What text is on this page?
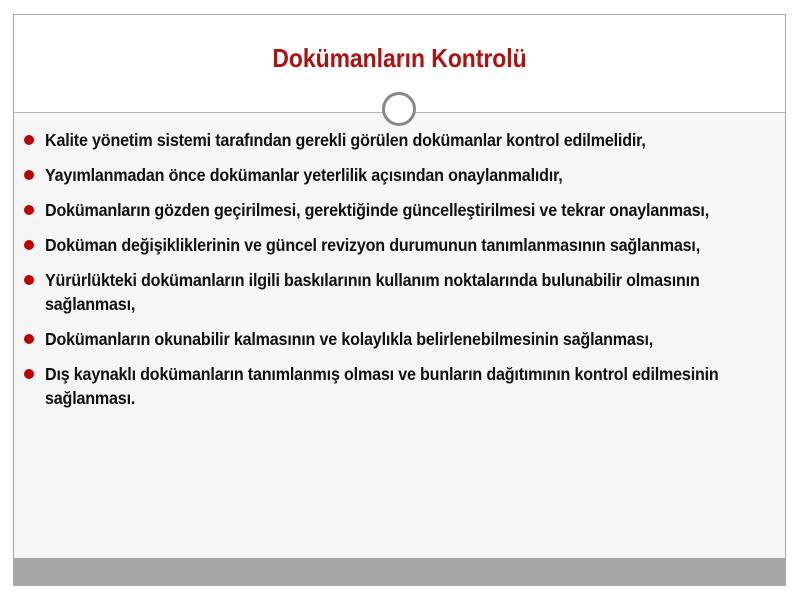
Dokümanların Kontrolü
Kalite yönetim sistemi tarafından gerekli görülen dokümanlar kontrol edilmelidir,
Yayımlanmadan önce dokümanlar yeterlilik açısından onaylanmalıdır,
Dokümanların gözden geçirilmesi, gerektiğinde güncelleştirilmesi ve tekrar onaylanması,
Doküman değişikliklerinin ve güncel revizyon durumunun tanımlanmasının sağlanması,
Yürürlükteki dokümanların ilgili baskılarının kullanım noktalarında bulunabilir olmasının sağlanması,
Dokümanların okunabilir kalmasının ve kolaylıkla belirlenebilmesinin sağlanması,
Dış kaynaklı dokümanların tanımlanmış olması ve bunların dağıtımının kontrol edilmesinin sağlanması.
